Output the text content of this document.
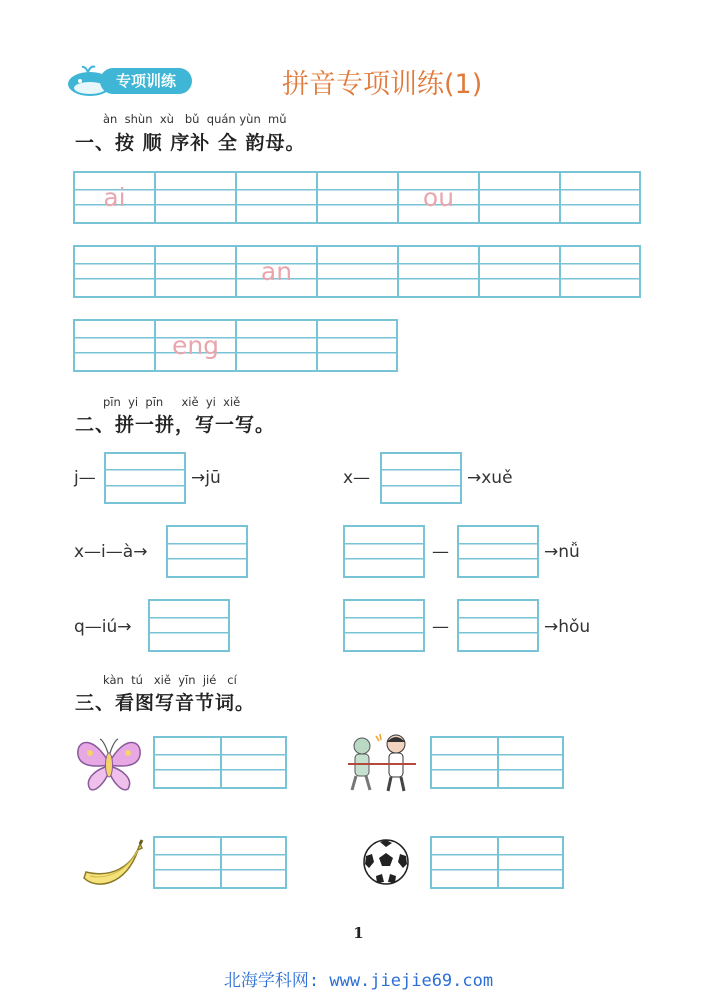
专项训练	拼音专项训练(1)
àn  shùn  xù   bǔ  quán yùn  mǔ
一、按 顺 序补 全 韵母。
ai	ou
an
eng
pīn  yi  pīn     xiě  yi  xiě
二、拼一拼，写一写。
j—	→jū	x—	→xuě
x—i—à→	—	→nǚ
q—iú→	—	→hǒu
kàn  tú   xiě  yīn  jié   cí
三、看图写音节词。
1
北海学科网: www.jiejie69.com
